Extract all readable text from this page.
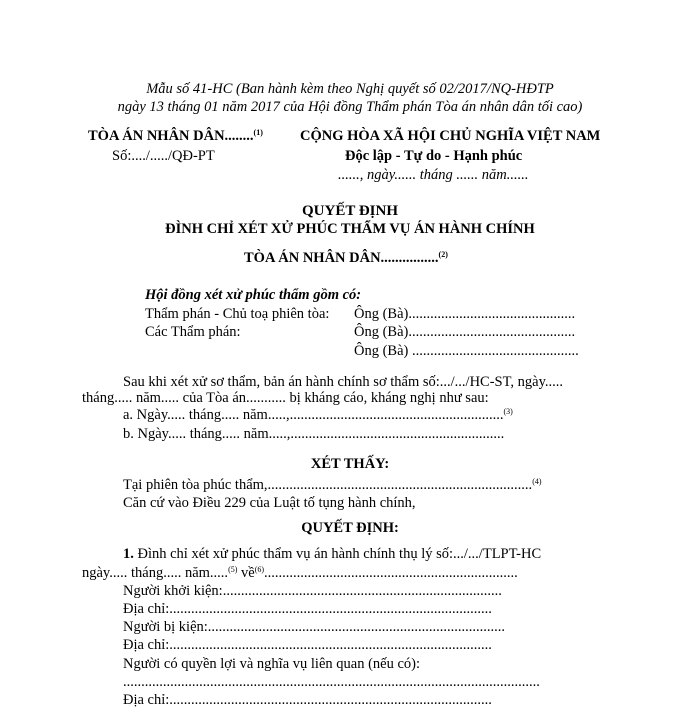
Mẫu số 41-HC (Ban hành kèm theo Nghị quyết số 02/2017/NQ-HĐTP
ngày 13 tháng 01 năm 2017 của Hội đồng Thẩm phán Tòa án nhân dân tối cao)
TÒA ÁN NHÂN DÂN........$^{(1)}$
Số:..../...../QĐ-PT
CỘNG HÒA XÃ HỘI CHỦ NGHĨA VIỆT NAM
Độc lập - Tự do - Hạnh phúc
......, ngày...... tháng ...... năm......
QUYẾT ĐỊNH
ĐÌNH CHỈ XÉT XỬ PHÚC THẨM VỤ ÁN HÀNH CHÍNH
TÒA ÁN NHÂN DÂN................$^{(2)}$
Hội đồng xét xử phúc thẩm gồm có:
Thẩm phán - Chủ toạ phiên tòa: Ông (Bà)..............................................
Các Thẩm phán:	Ông (Bà)..............................................
Ông (Bà) ..............................................
Sau khi xét xử sơ thẩm, bản án hành chính sơ thẩm số:.../.../HC-ST, ngày.....
tháng..... năm..... của Tòa án........... bị kháng cáo, kháng nghị như sau:
a. Ngày..... tháng..... năm.....,...........................................................$^{(3)}$
b. Ngày..... tháng..... năm.....,...........................................................
XÉT THẤY:
Tại phiên tòa phúc thẩm,.........................................................................$^{(4)}$
Căn cứ vào Điều 229 của Luật tố tụng hành chính,
QUYẾT ĐỊNH:
1. Đình chỉ xét xử phúc thẩm vụ án hành chính thụ lý số:.../.../TLPT-HC
ngày..... tháng..... năm.....$^{(5)}$ về$^{(6)}$......................................................................
Người khởi kiện:.............................................................................
Địa chỉ:.........................................................................................
Người bị kiện:..................................................................................
Địa chỉ:.........................................................................................
Người có quyền lợi và nghĩa vụ liên quan (nếu có):
...................................................................................................................
Địa chỉ:.........................................................................................
